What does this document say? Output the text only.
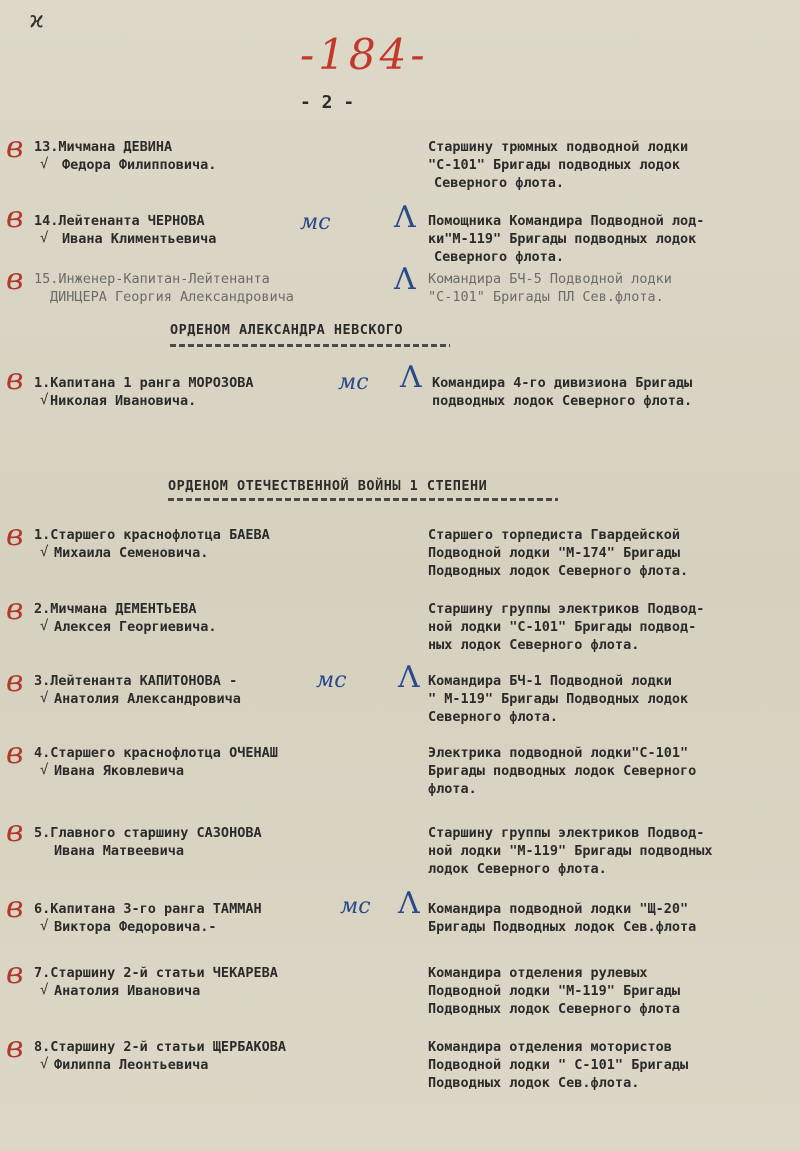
ϰ
-184-
- 2 -
в 13.Мичмана ДЕВИНА
Федора Филипповича.
√
Старшину трюмных подводной лодки
"С-101" Бригады подводных лодок
Северного флота.
в 14.Лейтенанта ЧЕРНОВА
Ивана Климентьевича
√
мс Λ Помощника Командира Подводной лод-
ки"М-119" Бригады подводных лодок
Северного флота.
в 15.Инженер-Капитан-Лейтенанта
ДИНЦЕРА Георгия Александровича	Λ Командира БЧ-5 Подводной лодки
"С-101" Бригады ПЛ Сев.флота.
ОРДЕНОМ АЛЕКСАНДРА НЕВСКОГО
в 1.Капитана 1 ранга МОРОЗОВА
Николая Ивановича.
√
мс Λ Командира 4-го дивизиона Бригады
подводных лодок Северного флота.
ОРДЕНОМ ОТЕЧЕСТВЕННОЙ ВОЙНЫ 1 СТЕПЕНИ
в 1.Старшего краснофлотца БАЕВА
Михаила Семеновича.
√
Старшего торпедиста Гвардейской
Подводной лодки "М-174" Бригады
Подводных лодок Северного флота.
в 2.Мичмана ДЕМЕНТЬЕВА
Алексея Георгиевича.
√
Старшину группы электриков Подвод-
ной лодки "С-101" Бригады подвод-
ных лодок Северного флота.
в 3.Лейтенанта КАПИТОНОВА -
Анатолия Александровича
√
мс Λ Командира БЧ-1 Подводной лодки
" М-119" Бригады Подводных лодок
Северного флота.
в 4.Старшего краснофлотца ОЧЕНАШ
Ивана Яковлевича
√
Электрика подводной лодки"С-101"
Бригады подводных лодок Северного
флота.
в 5.Главного старшину САЗОНОВА
Ивана Матвеевича
Старшину группы электриков Подвод-
ной лодки "М-119" Бригады подводных
лодок Северного флота.
в 6.Капитана 3-го ранга ТАММАН
Виктора Федоровича.-
√
мс Λ Командира подводной лодки "Щ-20"
Бригады Подводных лодок Сев.флота
в 7.Старшину 2-й статьи ЧЕКАРЕВА
Анатолия Ивановича
√
Командира отделения рулевых
Подводной лодки "М-119" Бригады
Подводных лодок Северного флота
в 8.Старшину 2-й статьи ЩЕРБАКОВА
Филиппа Леонтьевича
√
Командира отделения мотористов
Подводной лодки " С-101" Бригады
Подводных лодок Сев.флота.
